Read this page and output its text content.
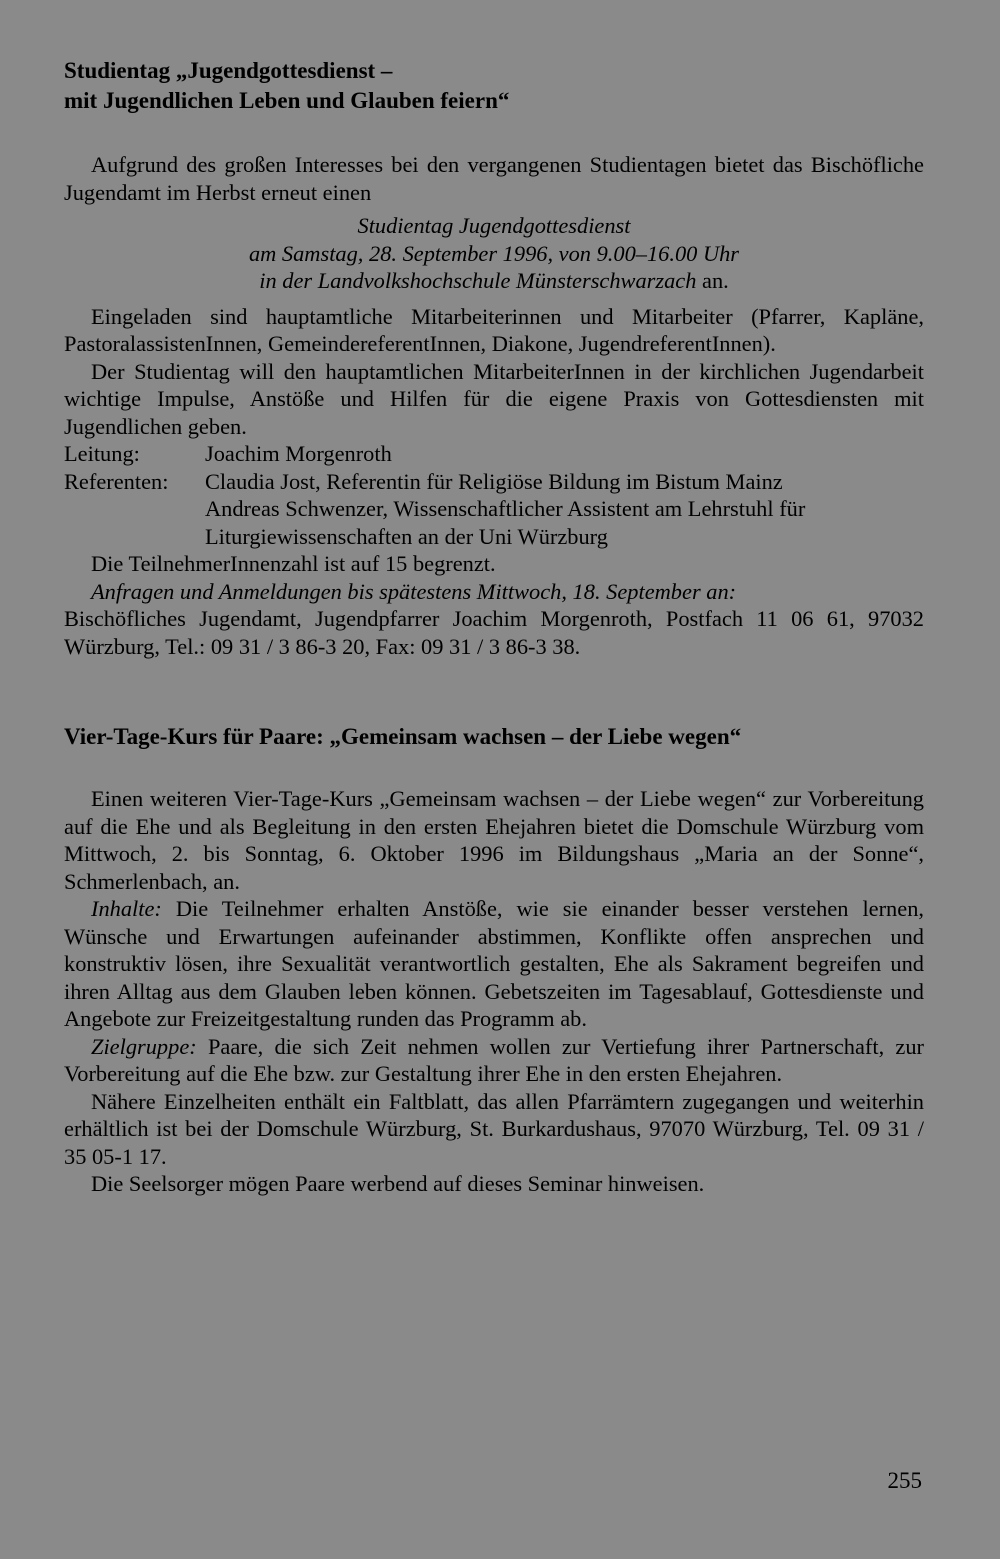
Studientag „Jugendgottesdienst –

mit Jugendlichen Leben und Glauben feiern“

Aufgrund des großen Interesses bei den vergangenen Studientagen bietet das Bischöfliche Jugendamt im Herbst erneut einen

Studientag Jugendgottesdienst

am Samstag, 28. September 1996, von 9.00–16.00 Uhr

in der Landvolkshochschule Münsterschwarzach an.

Eingeladen sind hauptamtliche Mitarbeiterinnen und Mitarbeiter (Pfarrer, Kapläne, PastoralassistenInnen, GemeindereferentInnen, Diakone, JugendreferentInnen).

Der Studientag will den hauptamtlichen MitarbeiterInnen in der kirchlichen Jugendarbeit wichtige Impulse, Anstöße und Hilfen für die eigene Praxis von Gottesdiensten mit Jugendlichen geben.

Leitung:	Joachim Morgenroth
Referenten:	Claudia Jost, Referentin für Religiöse Bildung im Bistum Mainz
Andreas Schwenzer, Wissenschaftlicher Assistent am Lehrstuhl für Liturgiewissenschaften an der Uni Würzburg

Die TeilnehmerInnenzahl ist auf 15 begrenzt.

Anfragen und Anmeldungen bis spätestens Mittwoch, 18. September an:

Bischöfliches Jugendamt, Jugendpfarrer Joachim Morgenroth, Postfach 11 06 61, 97032 Würzburg, Tel.: 09 31 / 3 86-3 20, Fax: 09 31 / 3 86-3 38.

Vier-Tage-Kurs für Paare: „Gemeinsam wachsen – der Liebe wegen“

Einen weiteren Vier-Tage-Kurs „Gemeinsam wachsen – der Liebe wegen“ zur Vorbereitung auf die Ehe und als Begleitung in den ersten Ehejahren bietet die Domschule Würzburg vom Mittwoch, 2. bis Sonntag, 6. Oktober 1996 im Bildungshaus „Maria an der Sonne“, Schmerlenbach, an.

Inhalte: Die Teilnehmer erhalten Anstöße, wie sie einander besser verstehen lernen, Wünsche und Erwartungen aufeinander abstimmen, Konflikte offen ansprechen und konstruktiv lösen, ihre Sexualität verantwortlich gestalten, Ehe als Sakrament begreifen und ihren Alltag aus dem Glauben leben können. Gebetszeiten im Tagesablauf, Gottesdienste und Angebote zur Freizeitgestaltung runden das Programm ab.

Zielgruppe: Paare, die sich Zeit nehmen wollen zur Vertiefung ihrer Partnerschaft, zur Vorbereitung auf die Ehe bzw. zur Gestaltung ihrer Ehe in den ersten Ehejahren.

Nähere Einzelheiten enthält ein Faltblatt, das allen Pfarrämtern zugegangen und weiterhin erhältlich ist bei der Domschule Würzburg, St. Burkardushaus, 97070 Würzburg, Tel. 09 31 / 35 05-1 17.

Die Seelsorger mögen Paare werbend auf dieses Seminar hinweisen.

255
